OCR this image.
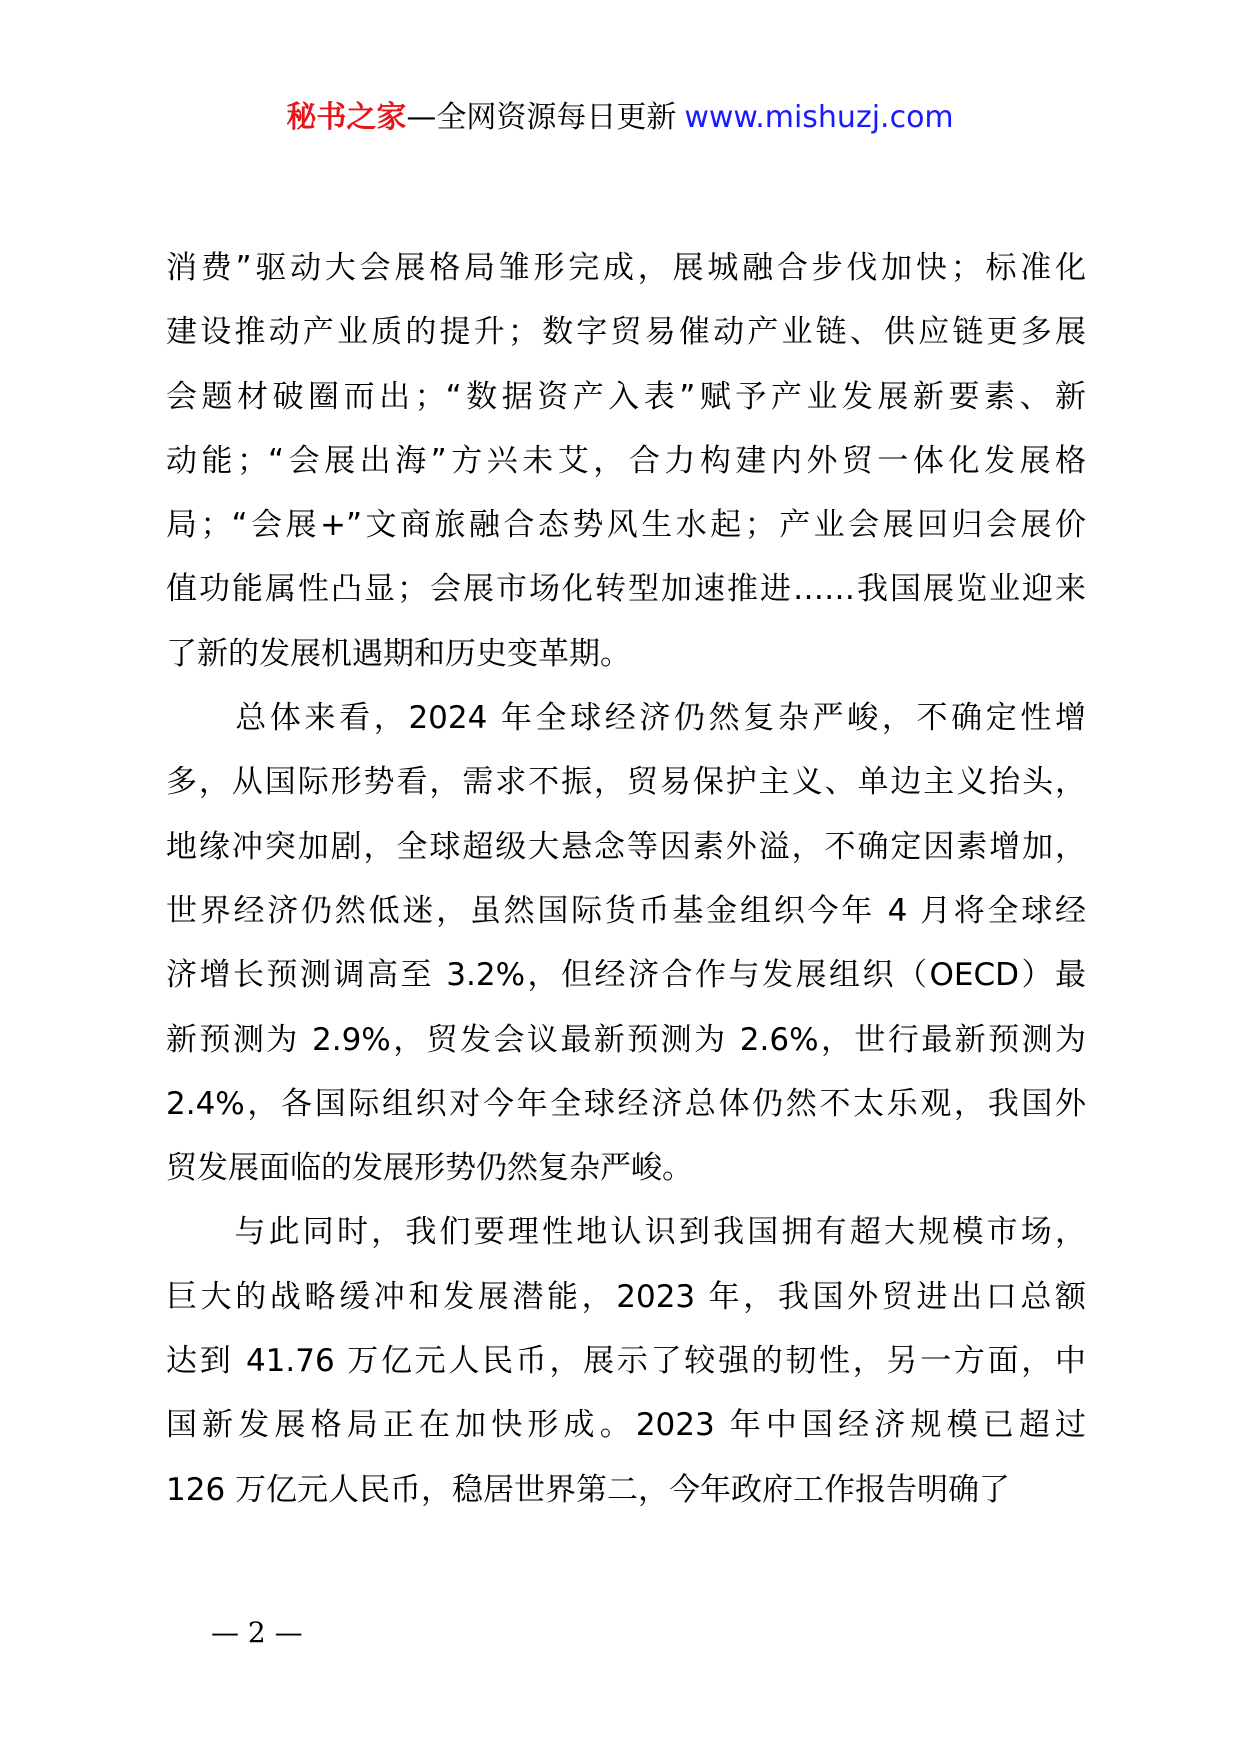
秘书之家—全网资源每日更新 www.mishuzj.com

消费”驱动大会展格局雏形完成，展城融合步伐加快；标准化
建设推动产业质的提升；数字贸易催动产业链、供应链更多展
会题材破圈而出；“数据资产入表”赋予产业发展新要素、新
动能；“会展出海”方兴未艾，合力构建内外贸一体化发展格
局；“会展+”文商旅融合态势风生水起；产业会展回归会展价
值功能属性凸显；会展市场化转型加速推进……我国展览业迎来
了新的发展机遇期和历史变革期。

　　总体来看，2024 年全球经济仍然复杂严峻，不确定性增
多，从国际形势看，需求不振，贸易保护主义、单边主义抬头，
地缘冲突加剧，全球超级大悬念等因素外溢，不确定因素增加，
世界经济仍然低迷，虽然国际货币基金组织今年 4 月将全球经
济增长预测调高至 3.2%，但经济合作与发展组织（OECD）最
新预测为 2.9%，贸发会议最新预测为 2.6%，世行最新预测为
2.4%，各国际组织对今年全球经济总体仍然不太乐观，我国外
贸发展面临的发展形势仍然复杂严峻。

　　与此同时，我们要理性地认识到我国拥有超大规模市场，
巨大的战略缓冲和发展潜能，2023 年，我国外贸进出口总额
达到 41.76 万亿元人民币，展示了较强的韧性，另一方面，中
国新发展格局正在加快形成。2023 年中国经济规模已超过
126 万亿元人民币，稳居世界第二，今年政府工作报告明确了

— 2 —
